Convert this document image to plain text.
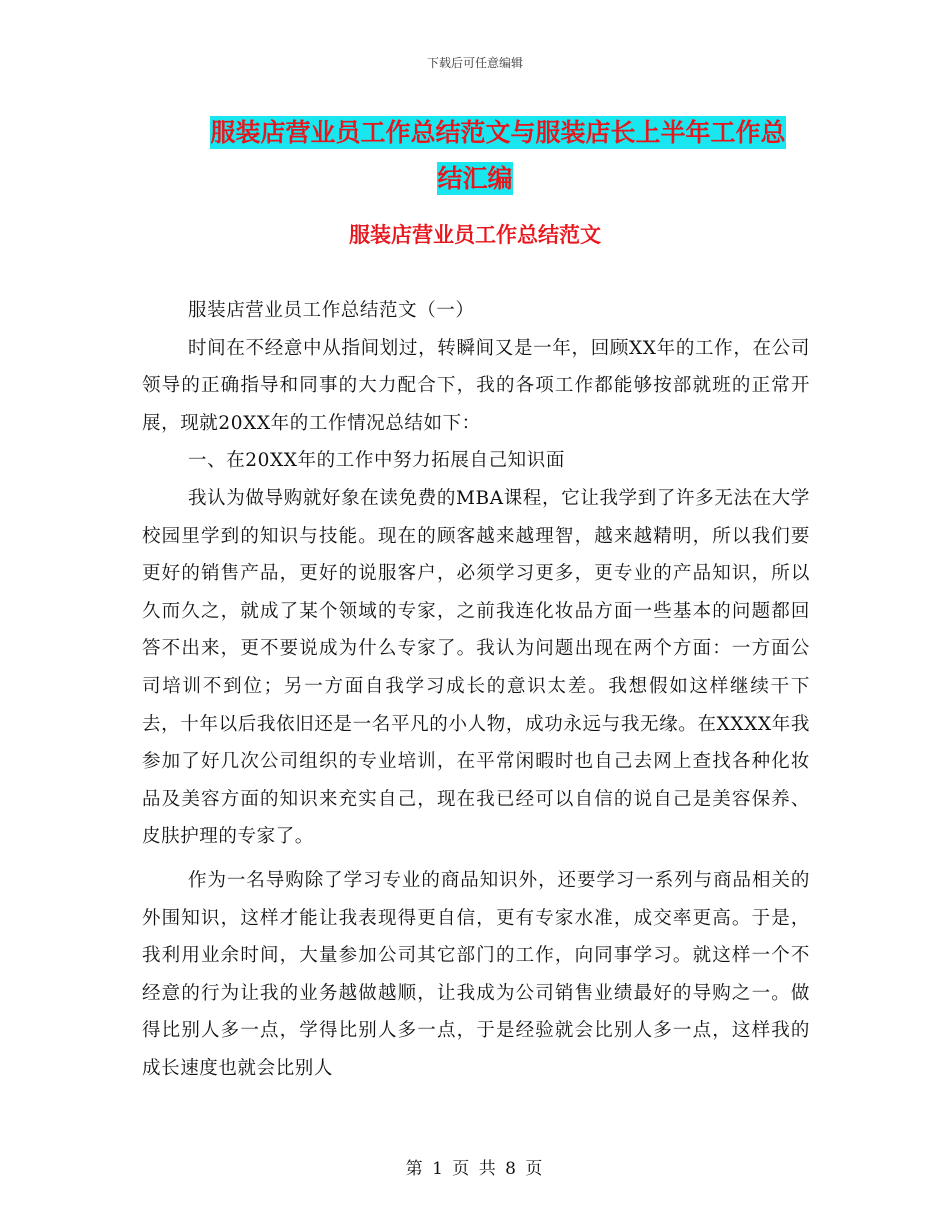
下载后可任意编辑
服装店营业员工作总结范文与服装店长上半年工作总
结汇编
服装店营业员工作总结范文

服装店营业员工作总结范文（一）

时间在不经意中从指间划过，转瞬间又是一年，回顾XX年的工作，在公司领导的正确指导和同事的大力配合下，我的各项工作都能够按部就班的正常开展，现就20XX年的工作情况总结如下：

一、在20XX年的工作中努力拓展自己知识面

我认为做导购就好象在读免费的MBA课程，它让我学到了许多无法在大学校园里学到的知识与技能。现在的顾客越来越理智，越来越精明，所以我们要更好的销售产品，更好的说服客户，必须学习更多，更专业的产品知识，所以久而久之，就成了某个领域的专家，之前我连化妆品方面一些基本的问题都回答不出来，更不要说成为什么专家了。我认为问题出现在两个方面：一方面公司培训不到位；另一方面自我学习成长的意识太差。我想假如这样继续干下去，十年以后我依旧还是一名平凡的小人物，成功永远与我无缘。在XXXX年我参加了好几次公司组织的专业培训，在平常闲暇时也自己去网上查找各种化妆品及美容方面的知识来充实自己，现在我已经可以自信的说自己是美容保养、皮肤护理的专家了。

作为一名导购除了学习专业的商品知识外，还要学习一系列与商品相关的外围知识，这样才能让我表现得更自信，更有专家水准，成交率更高。于是，我利用业余时间，大量参加公司其它部门的工作，向同事学习。就这样一个不经意的行为让我的业务越做越顺，让我成为公司销售业绩最好的导购之一。做得比别人多一点，学得比别人多一点，于是经验就会比别人多一点，这样我的成长速度也就会比别人

第 1 页 共 8 页
